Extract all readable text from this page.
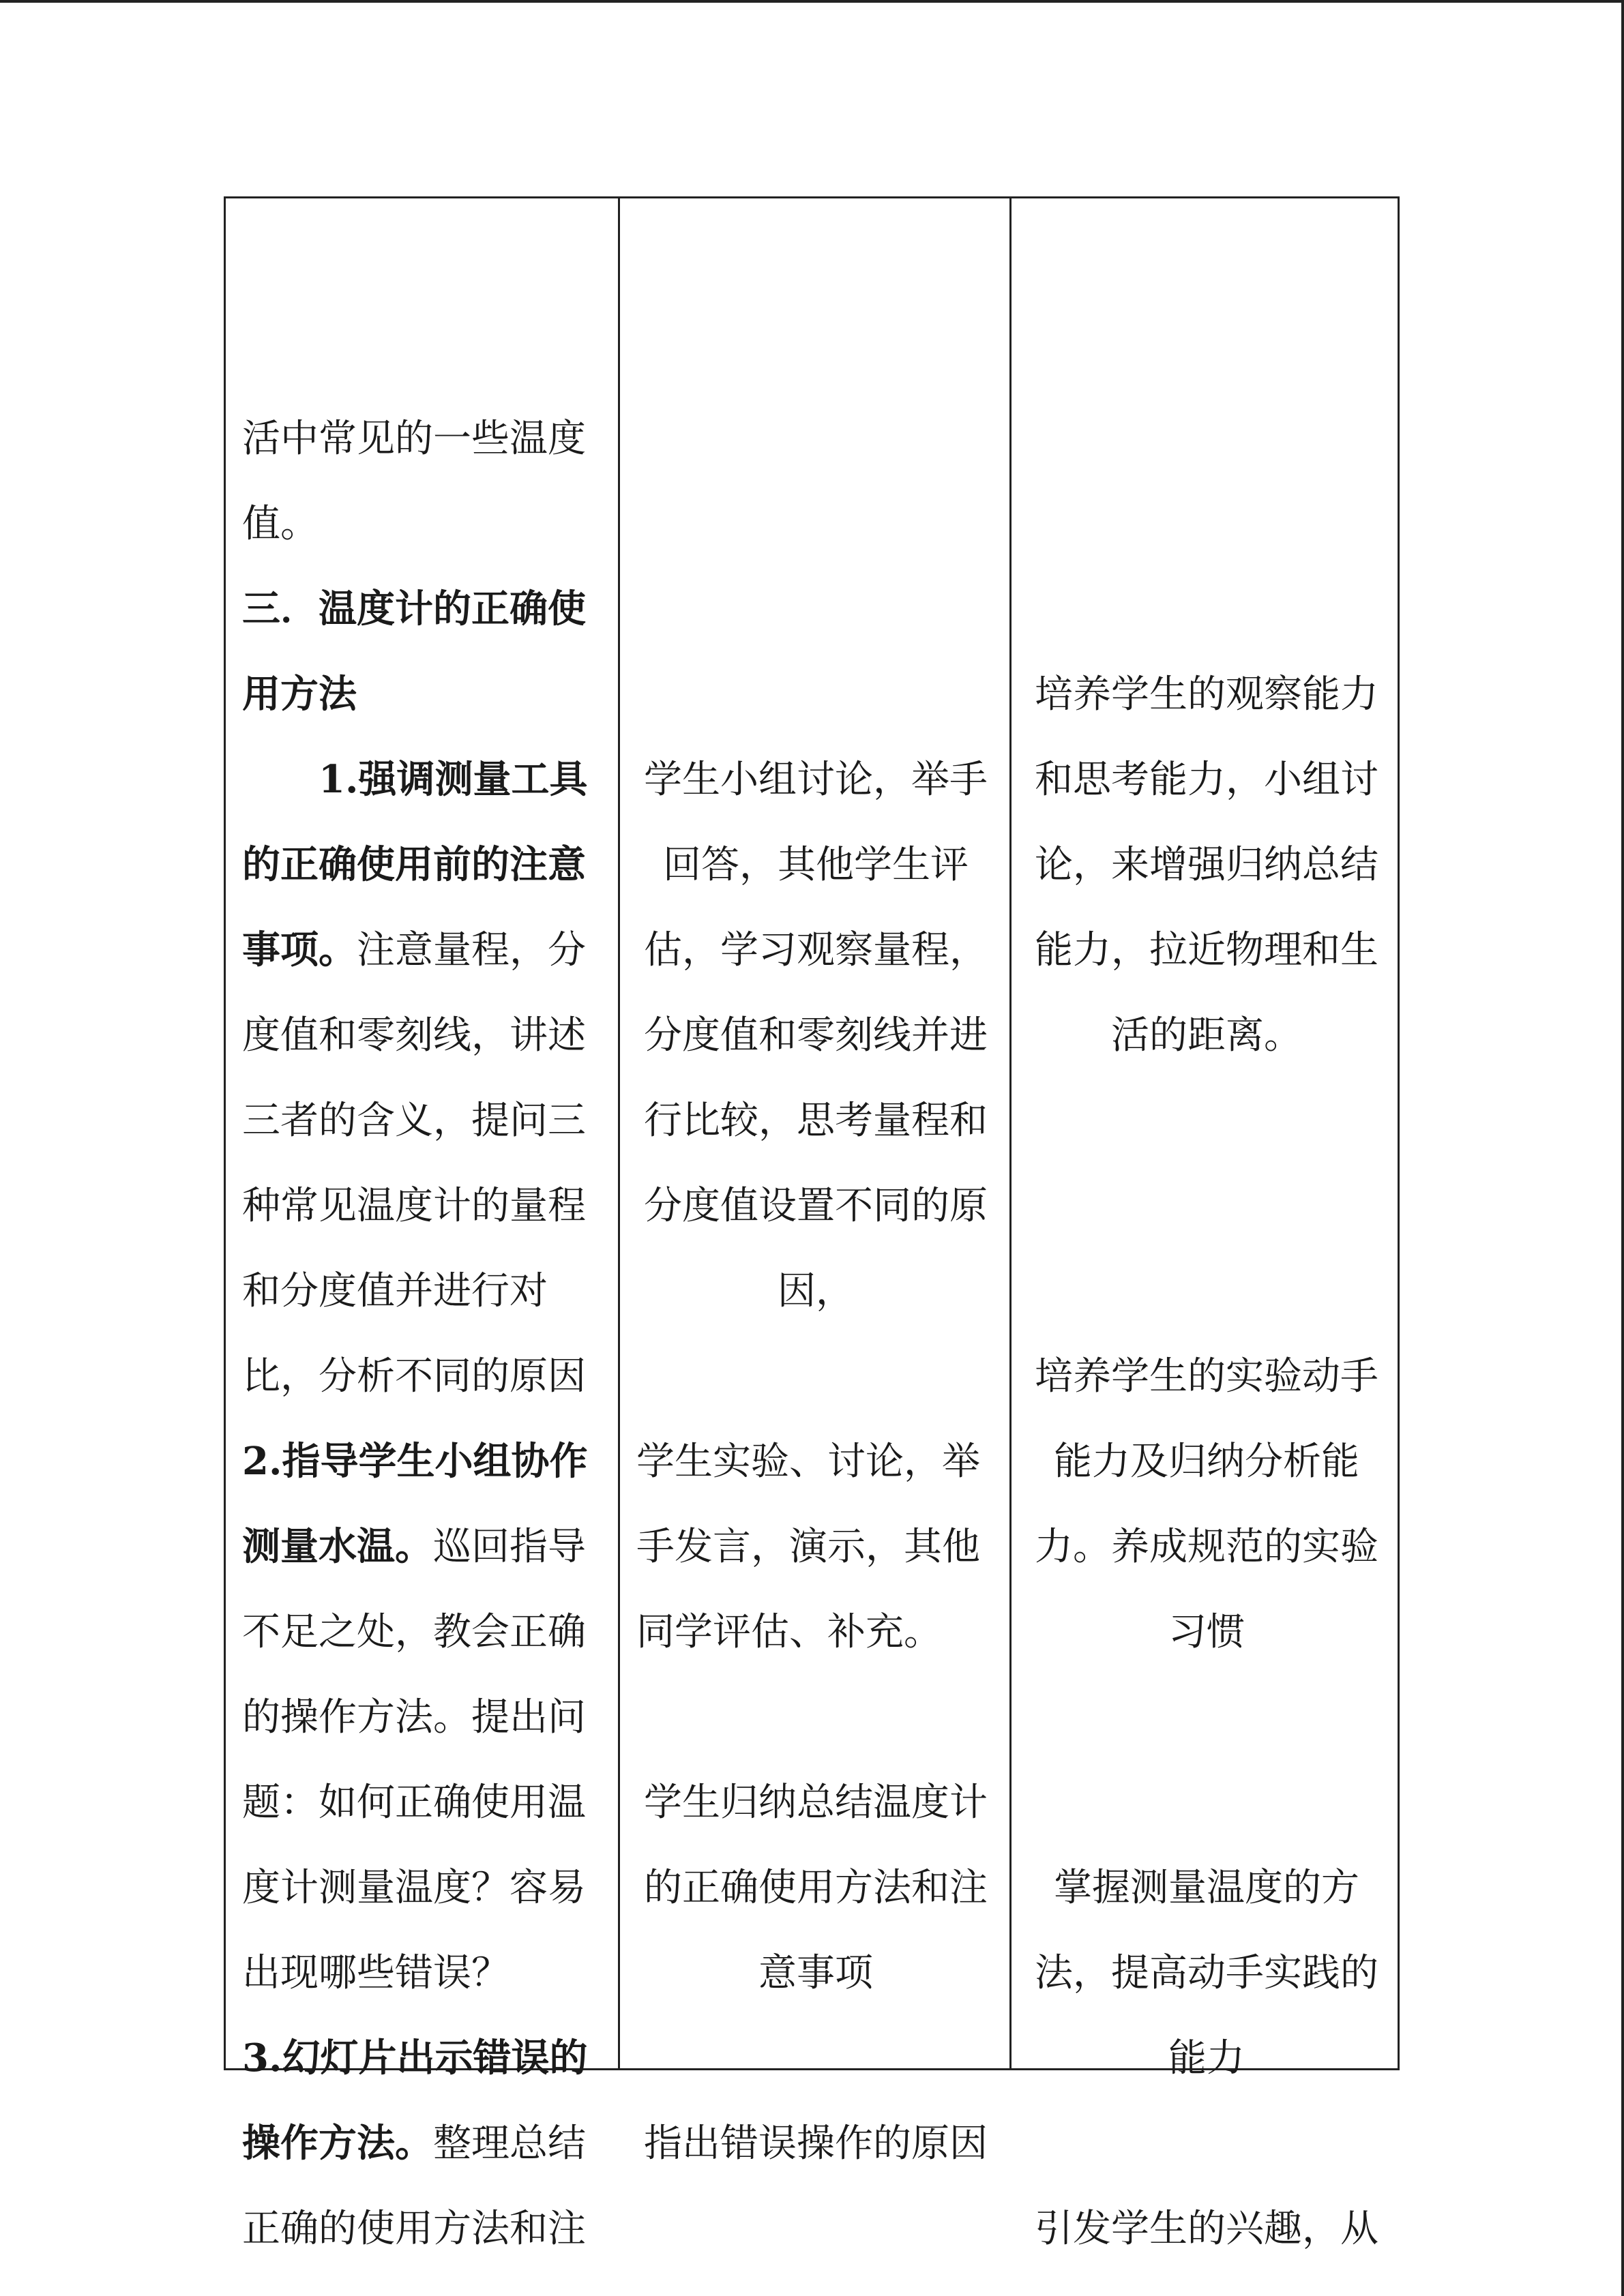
活中常见的一些温度
值。
三．温度计的正确使
用方法
1.强调测量工具
的正确使用前的注意
事项。注意量程，分
度值和零刻线，讲述
三者的含义，提问三
种常见温度计的量程
和分度值并进行对
比，分析不同的原因
2.指导学生小组协作
测量水温。巡回指导
不足之处，教会正确
的操作方法。提出问
题：如何正确使用温
度计测量温度？容易
出现哪些错误？
3.幻灯片出示错误的
操作方法。整理总结
正确的使用方法和注
学生小组讨论，举手
回答，其他学生评
估，学习观察量程，
分度值和零刻线并进
行比较，思考量程和
分度值设置不同的原
因，
学生实验、讨论，举
手发言，演示，其他
同学评估、补充。
学生归纳总结温度计
的正确使用方法和注
意事项
指出错误操作的原因
培养学生的观察能力
和思考能力，小组讨
论，来增强归纳总结
能力，拉近物理和生
活的距离。
培养学生的实验动手
能力及归纳分析能
力。养成规范的实验
习惯
掌握测量温度的方
法，提高动手实践的
能力
引发学生的兴趣，从
